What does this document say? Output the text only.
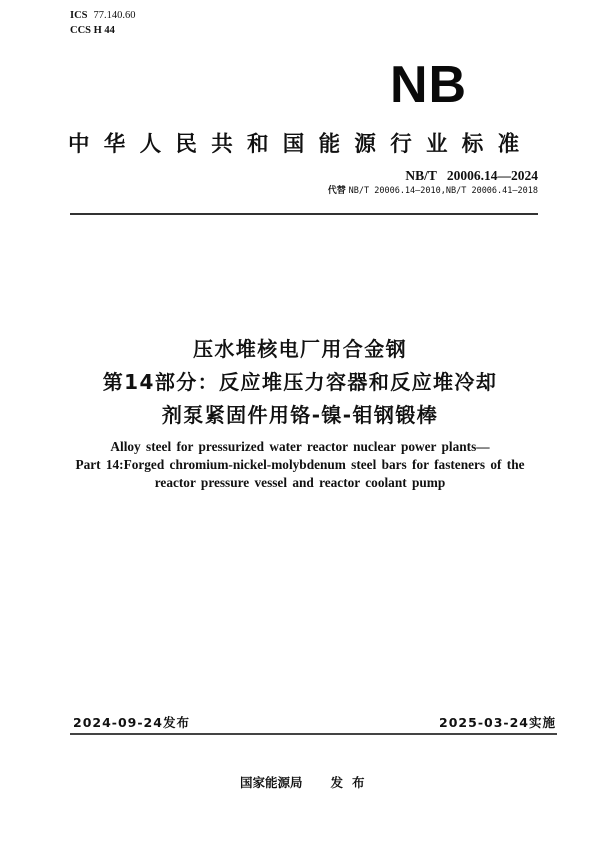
ICS 77.140.60
CCS H 44
NB
中华人民共和国能源行业标准
NB/T 20006.14—2024
代替 NB/T 20006.14—2010,NB/T 20006.41—2018
压水堆核电厂用合金钢
第14部分：反应堆压力容器和反应堆冷却
剂泵紧固件用铬-镍-钼钢锻棒
Alloy steel for pressurized water reactor nuclear power plants—
Part 14:Forged chromium-nickel-molybdenum steel bars for fasteners of the
reactor pressure vessel and reactor coolant pump
2024-09-24发布	2025-03-24实施
国家能源局 发布
